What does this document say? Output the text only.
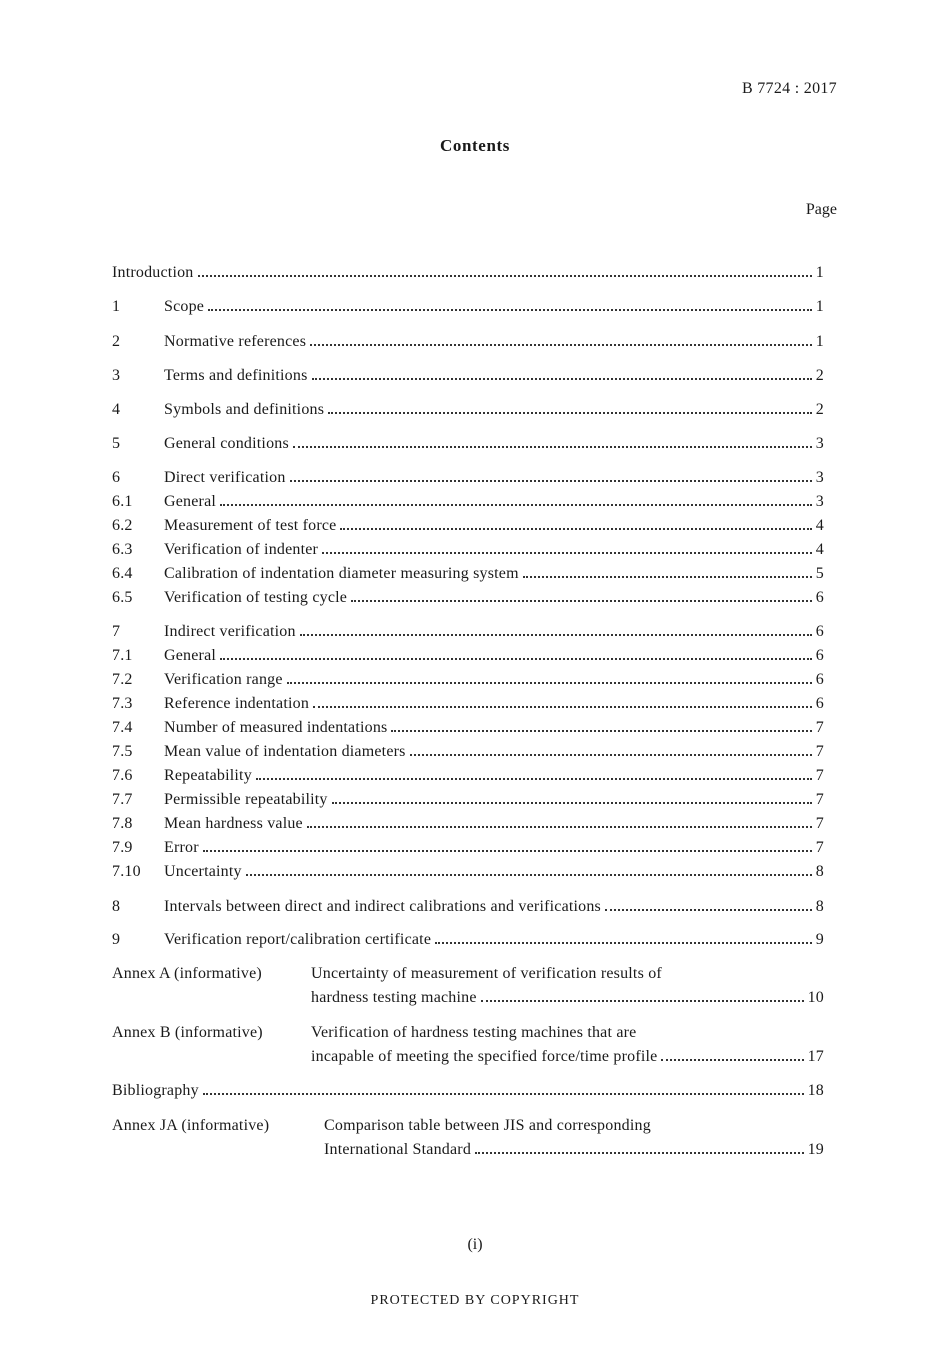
B 7724 : 2017
Contents
Page
Introduction	1
1	Scope	1
2	Normative references	1
3	Terms and definitions	2
4	Symbols and definitions	2
5	General conditions	3
6	Direct verification	3
6.1 General	3
6.2 Measurement of test force	4
6.3 Verification of indenter	4
6.4 Calibration of indentation diameter measuring system	5
6.5 Verification of testing cycle	6
7	Indirect verification	6
7.1 General	6
7.2 Verification range	6
7.3 Reference indentation	6
7.4 Number of measured indentations	7
7.5 Mean value of indentation diameters	7
7.6 Repeatability	7
7.7 Permissible repeatability	7
7.8 Mean hardness value	7
7.9 Error	7
7.10 Uncertainty	8
8	Intervals between direct and indirect calibrations and verifications	8
9	Verification report/calibration certificate	9
Annex A (informative)	Uncertainty of measurement of verification results of
hardness testing machine	10
Annex B (informative)	Verification of hardness testing machines that are
incapable of meeting the specified force/time profile	17
Bibliography	18
Annex JA (informative)	Comparison table between JIS and corresponding
International Standard	19
(i)
PROTECTED BY COPYRIGHT
